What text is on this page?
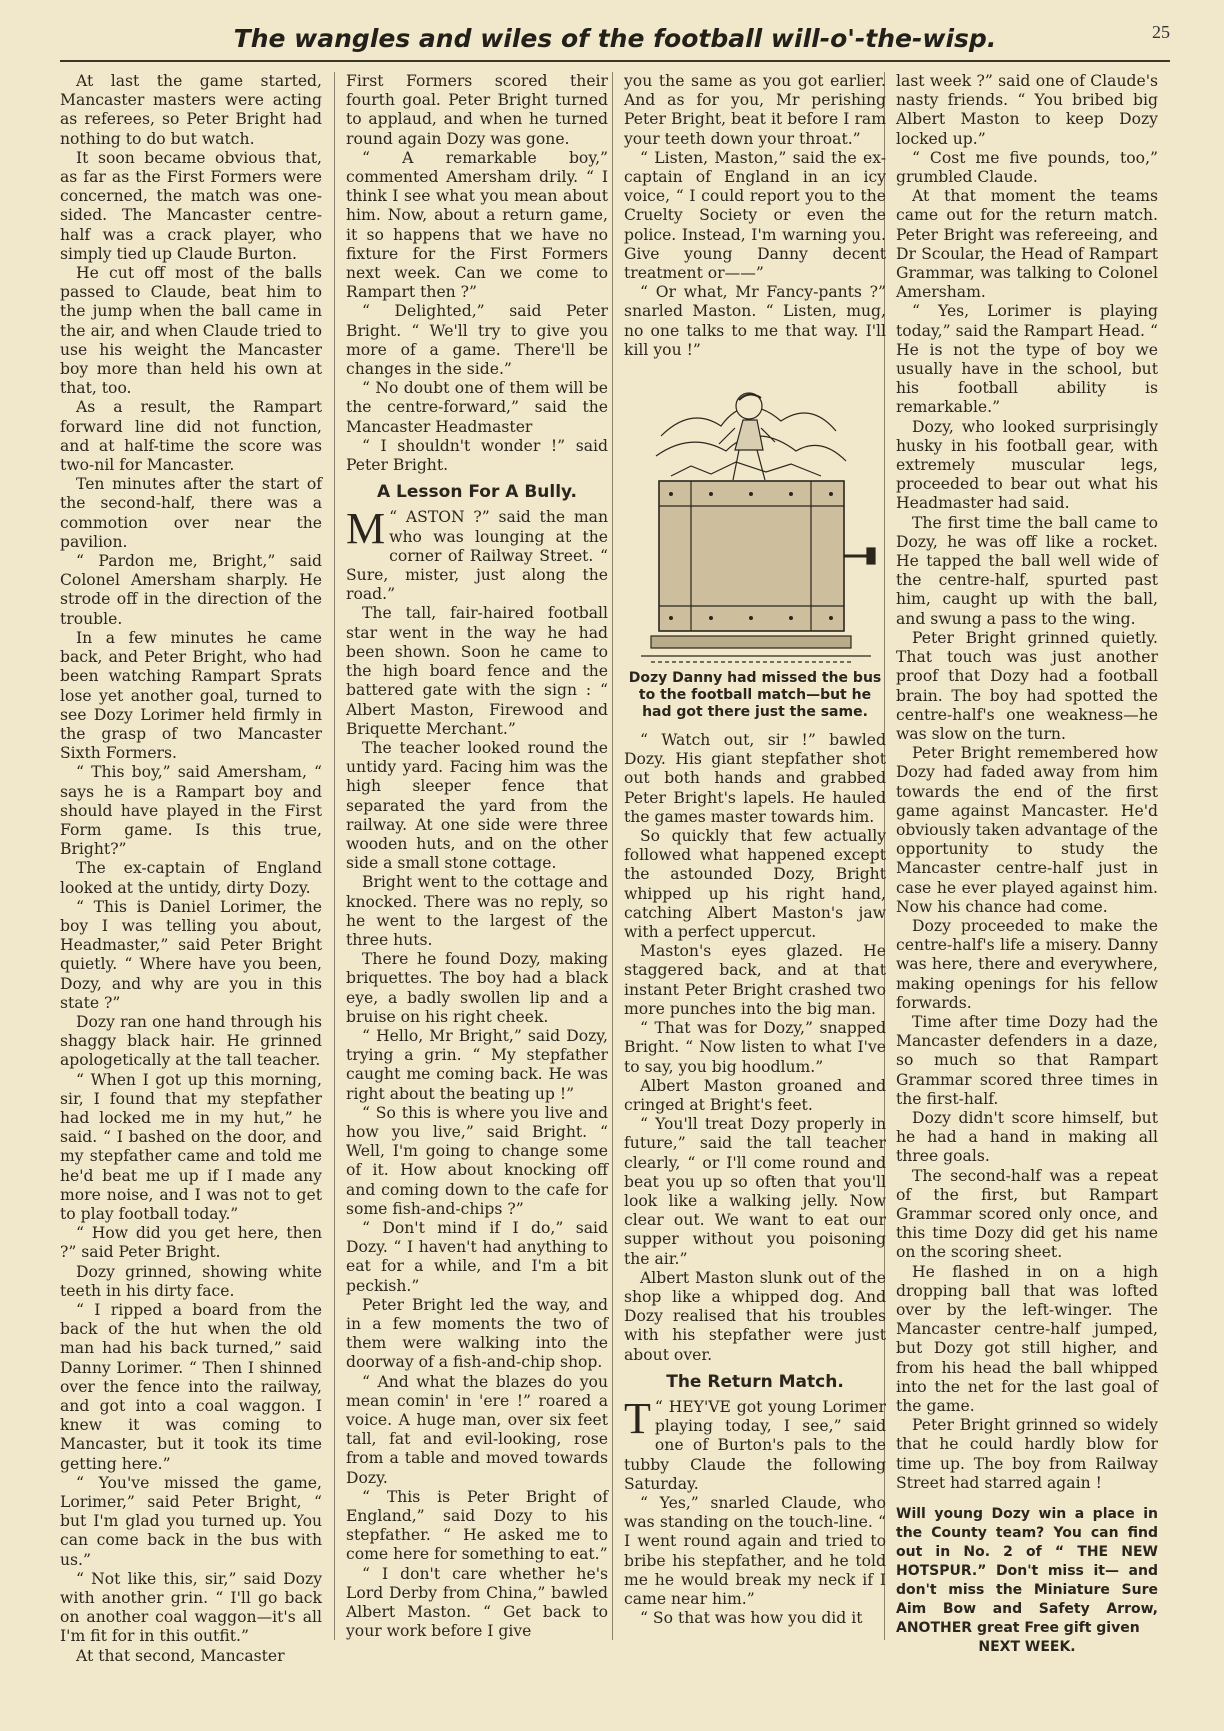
The wangles and wiles of the football will-o'-the-wisp.	25

At last the game started, Mancaster masters were acting as referees, so Peter Bright had nothing to do but watch.

It soon became obvious that, as far as the First Formers were concerned, the match was one-sided. The Mancaster centre-half was a crack player, who simply tied up Claude Burton.

He cut off most of the balls passed to Claude, beat him to the jump when the ball came in the air, and when Claude tried to use his weight the Mancaster boy more than held his own at that, too.

As a result, the Rampart forward line did not function, and at half-time the score was two-nil for Mancaster.

Ten minutes after the start of the second-half, there was a commotion over near the pavilion.

“ Pardon me, Bright,” said Colonel Amersham sharply. He strode off in the direction of the trouble.

In a few minutes he came back, and Peter Bright, who had been watching Rampart Sprats lose yet another goal, turned to see Dozy Lorimer held firmly in the grasp of two Mancaster Sixth Formers.

“ This boy,” said Amersham, “ says he is a Rampart boy and should have played in the First Form game. Is this true, Bright?”

The ex-captain of England looked at the untidy, dirty Dozy.

“ This is Daniel Lorimer, the boy I was telling you about, Headmaster,” said Peter Bright quietly. “ Where have you been, Dozy, and why are you in this state ?”

Dozy ran one hand through his shaggy black hair. He grinned apologetically at the tall teacher.

“ When I got up this morning, sir, I found that my stepfather had locked me in my hut,” he said. “ I bashed on the door, and my stepfather came and told me he'd beat me up if I made any more noise, and I was not to get to play football today.”

“ How did you get here, then ?” said Peter Bright.

Dozy grinned, showing white teeth in his dirty face.

“ I ripped a board from the back of the hut when the old man had his back turned,” said Danny Lorimer. “ Then I shinned over the fence into the railway, and got into a coal waggon. I knew it was coming to Mancaster, but it took its time getting here.”

“ You've missed the game, Lorimer,” said Peter Bright, “ but I'm glad you turned up. You can come back in the bus with us.”

“ Not like this, sir,” said Dozy with another grin. “ I'll go back on another coal waggon—it's all I'm fit for in this outfit.”

At that second, Mancaster

First Formers scored their fourth goal. Peter Bright turned to applaud, and when he turned round again Dozy was gone.

“ A remarkable boy,” commented Amersham drily. “ I think I see what you mean about him. Now, about a return game, it so happens that we have no fixture for the First Formers next week. Can we come to Rampart then ?”

“ Delighted,” said Peter Bright. “ We'll try to give you more of a game. There'll be changes in the side.”

“ No doubt one of them will be the centre-forward,” said the Mancaster Headmaster

“ I shouldn't wonder !” said Peter Bright.

A Lesson For A Bully.

“
M ASTON ?” said the man who was lounging at the corner of Railway Street. “ Sure, mister, just along the road.”

The tall, fair-haired football star went in the way he had been shown. Soon he came to the high board fence and the battered gate with the sign : “ Albert Maston, Firewood and Briquette Merchant.”

The teacher looked round the untidy yard. Facing him was the high sleeper fence that separated the yard from the railway. At one side were three wooden huts, and on the other side a small stone cottage.

Bright went to the cottage and knocked. There was no reply, so he went to the largest of the three huts.

There he found Dozy, making briquettes. The boy had a black eye, a badly swollen lip and a bruise on his right cheek.

“ Hello, Mr Bright,” said Dozy, trying a grin. “ My stepfather caught me coming back. He was right about the beating up !”

“ So this is where you live and how you live,” said Bright. “ Well, I'm going to change some of it. How about knocking off and coming down to the cafe for some fish-and-chips ?”

“ Don't mind if I do,” said Dozy. “ I haven't had anything to eat for a while, and I'm a bit peckish.”

Peter Bright led the way, and in a few moments the two of them were walking into the doorway of a fish-and-chip shop.

“ And what the blazes do you mean comin' in 'ere !” roared a voice. A huge man, over six feet tall, fat and evil-looking, rose from a table and moved towards Dozy.

“ This is Peter Bright of England,” said Dozy to his stepfather. “ He asked me to come here for something to eat.”

“ I don't care whether he's Lord Derby from China,” bawled Albert Maston. “ Get back to your work before I give

you the same as you got earlier. And as for you, Mr perishing Peter Bright, beat it before I ram your teeth down your throat.”

“ Listen, Maston,” said the ex-captain of England in an icy voice, “ I could report you to the Cruelty Society or even the police. Instead, I'm warning you. Give young Danny decent treatment or——”

“ Or what, Mr Fancy-pants ?” snarled Maston. “ Listen, mug, no one talks to me that way. I'll kill you !”

Dozy Danny had missed the bus to the football match—but he had got there just the same.

“ Watch out, sir !” bawled Dozy. His giant stepfather shot out both hands and grabbed Peter Bright's lapels. He hauled the games master towards him.

So quickly that few actually followed what happened except the astounded Dozy, Bright whipped up his right hand, catching Albert Maston's jaw with a perfect uppercut.

Maston's eyes glazed. He staggered back, and at that instant Peter Bright crashed two more punches into the big man.

“ That was for Dozy,” snapped Bright. “ Now listen to what I've to say, you big hoodlum.”

Albert Maston groaned and cringed at Bright's feet.

“ You'll treat Dozy properly in future,” said the tall teacher clearly, “ or I'll come round and beat you up so often that you'll look like a walking jelly. Now clear out. We want to eat our supper without you poisoning the air.”

Albert Maston slunk out of the shop like a whipped dog. And Dozy realised that his troubles with his stepfather were just about over.

The Return Match.

“
T HEY'VE got young Lorimer playing today, I see,” said one of Burton's pals to the tubby Claude the following Saturday.

“ Yes,” snarled Claude, who was standing on the touch-line. “ I went round again and tried to bribe his stepfather, and he told me he would break my neck if I came near him.”

“ So that was how you did it

last week ?” said one of Claude's nasty friends. “ You bribed big Albert Maston to keep Dozy locked up.”

“ Cost me five pounds, too,” grumbled Claude.

At that moment the teams came out for the return match. Peter Bright was refereeing, and Dr Scoular, the Head of Rampart Grammar, was talking to Colonel Amersham.

“ Yes, Lorimer is playing today,” said the Rampart Head. “ He is not the type of boy we usually have in the school, but his football ability is remarkable.”

Dozy, who looked surprisingly husky in his football gear, with extremely muscular legs, proceeded to bear out what his Headmaster had said.

The first time the ball came to Dozy, he was off like a rocket. He tapped the ball well wide of the centre-half, spurted past him, caught up with the ball, and swung a pass to the wing.

Peter Bright grinned quietly. That touch was just another proof that Dozy had a football brain. The boy had spotted the centre-half's one weakness—he was slow on the turn.

Peter Bright remembered how Dozy had faded away from him towards the end of the first game against Mancaster. He'd obviously taken advantage of the opportunity to study the Mancaster centre-half just in case he ever played against him. Now his chance had come.

Dozy proceeded to make the centre-half's life a misery. Danny was here, there and everywhere, making openings for his fellow forwards.

Time after time Dozy had the Mancaster defenders in a daze, so much so that Rampart Grammar scored three times in the first-half.

Dozy didn't score himself, but he had a hand in making all three goals.

The second-half was a repeat of the first, but Rampart Grammar scored only once, and this time Dozy did get his name on the scoring sheet.

He flashed in on a high dropping ball that was lofted over by the left-winger. The Mancaster centre-half jumped, but Dozy got still higher, and from his head the ball whipped into the net for the last goal of the game.

Peter Bright grinned so widely that he could hardly blow for time up. The boy from Railway Street had starred again !

Will young Dozy win a place in the County team? You can find out in No. 2 of “ THE NEW HOTSPUR.” Don't miss it— and don't miss the Miniature Sure Aim Bow and Safety Arrow, ANOTHER great Free gift given
NEXT WEEK.
